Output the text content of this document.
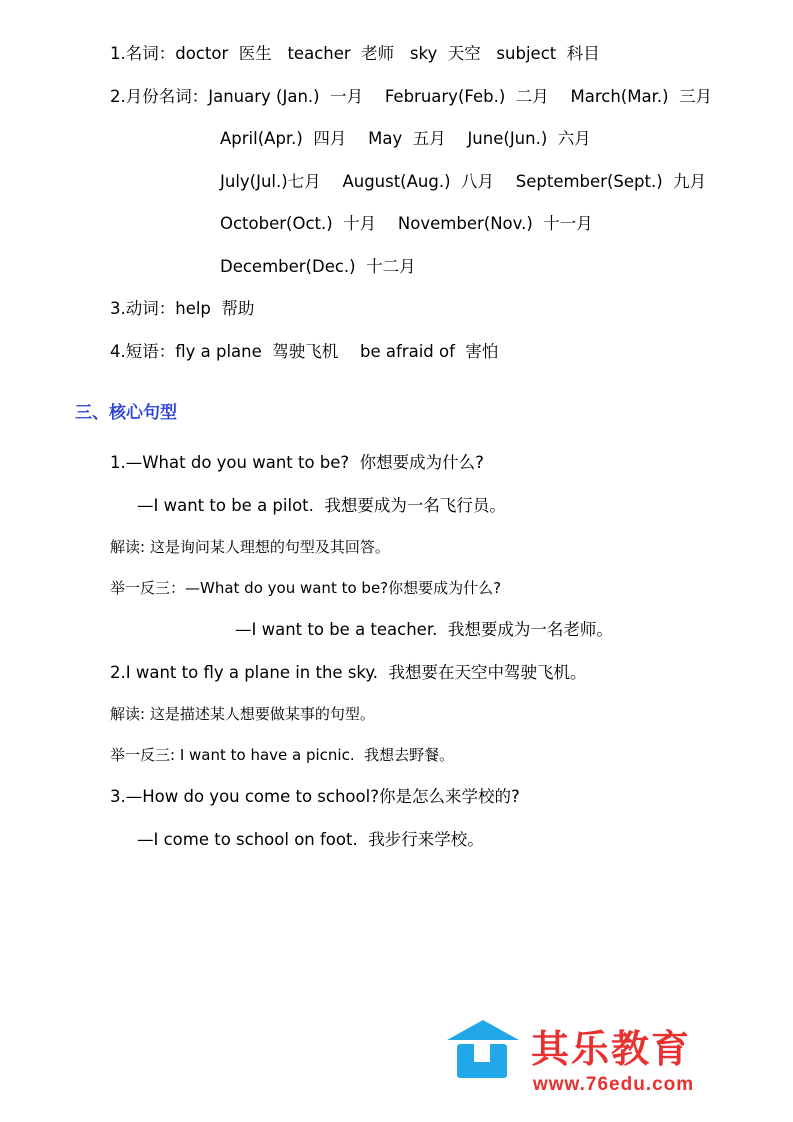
1.名词：doctor  医生   teacher  老师   sky  天空   subject  科目
2.月份名词：January (Jan.)  一月　 February(Feb.)  二月　 March(Mar.)  三月
April(Apr.)  四月　 May  五月　 June(Jun.)  六月
July(Jul.)七月　 August(Aug.)  八月　 September(Sept.)  九月
October(Oct.)  十月　 November(Nov.)  十一月
December(Dec.)  十二月
3.动词：help  帮助
4.短语：fly a plane  驾驶飞机　 be afraid of  害怕
三、核心句型
1.—What do you want to be?  你想要成为什么?
—I want to be a pilot.  我想要成为一名飞行员。
解读: 这是询问某人理想的句型及其回答。
举一反三：—What do you want to be?你想要成为什么?
—I want to be a teacher.  我想要成为一名老师。
2.I want to fly a plane in the sky.  我想要在天空中驾驶飞机。
解读: 这是描述某人想要做某事的句型。
举一反三: I want to have a picnic.  我想去野餐。
3.—How do you come to school?你是怎么来学校的?
—I come to school on foot.  我步行来学校。
其乐教育
www.76edu.com
